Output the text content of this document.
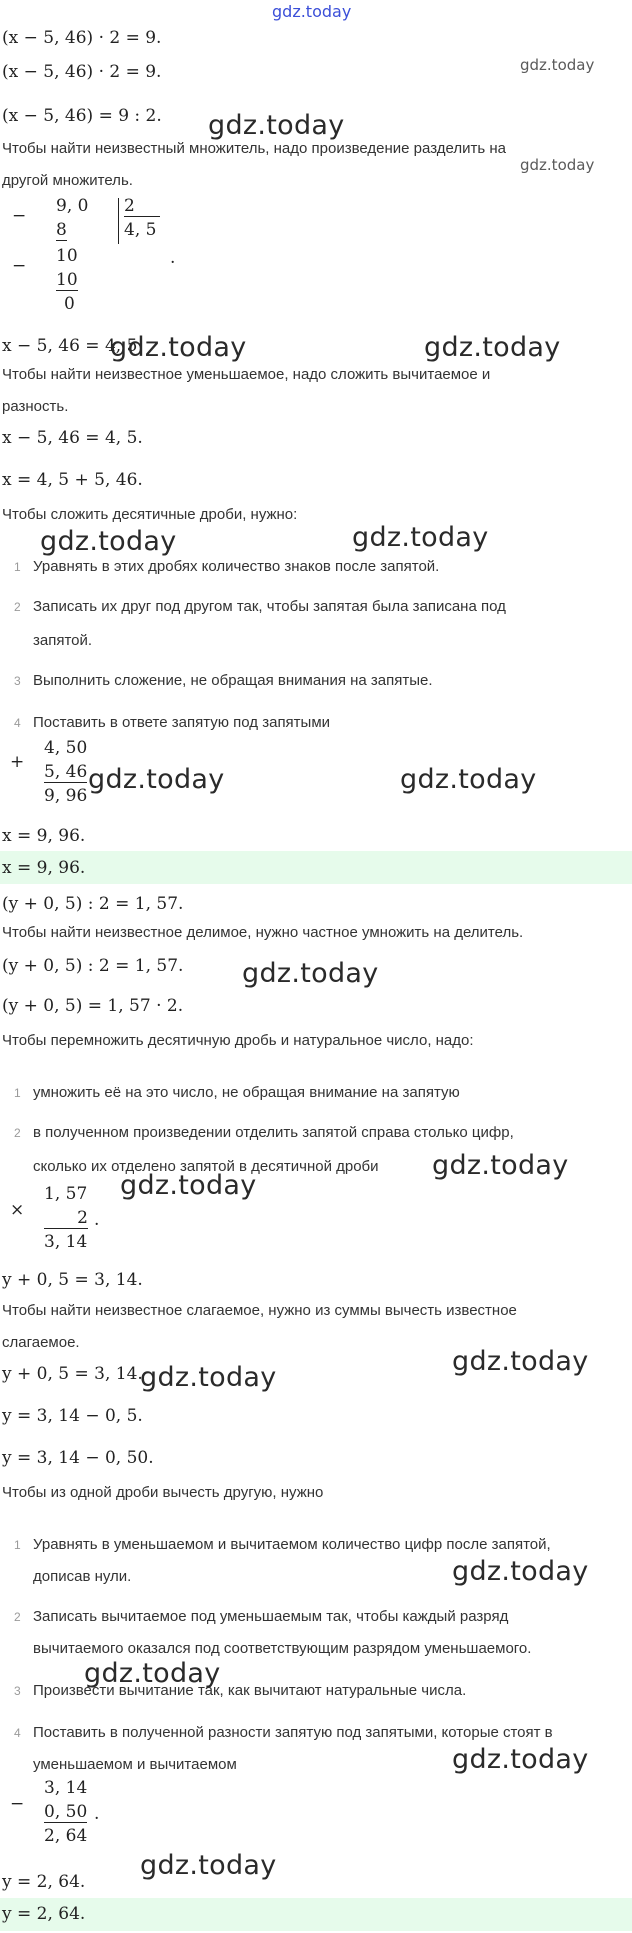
gdz.today
(x − 5, 46) · 2 = 9.
(x − 5, 46) · 2 = 9.	gdz.today
(x − 5, 46) = 9 : 2. gdz.today
Чтобы найти неизвестный множитель, надо произведение разделить на
gdz.today
другой множитель.
− 9, 0
8
2
4, 5
.
− 10
10
0
x − 5, 46 = 4, 5
gdz.today	gdz.today
Чтобы найти неизвестное уменьшаемое, надо сложить вычитаемое и
разность.
x − 5, 46 = 4, 5.
x = 4, 5 + 5, 46.
Чтобы сложить десятичные дроби, нужно:
gdz.today	gdz.today
1 Уравнять в этих дробях количество знаков после запятой.
2 Записать их друг под другом так, чтобы запятая была записана под
запятой.
3 Выполнить сложение, не обращая внимания на запятые.
4 Поставить в ответе запятую под запятыми
+
4, 50
5, 46
9, 96
gdz.today	gdz.today
x = 9, 96.
x = 9, 96.
(y + 0, 5) : 2 = 1, 57.
Чтобы найти неизвестное делимое, нужно частное умножить на делитель.
(y + 0, 5) : 2 = 1, 57. gdz.today
(y + 0, 5) = 1, 57 · 2.
Чтобы перемножить десятичную дробь и натуральное число, надо:
1 умножить её на это число, не обращая внимание на запятую
2 в полученном произведении отделить запятой справа столько цифр,
сколько их отделено запятой в десятичной дроби gdz.today
gdz.today
×
1, 57
2
3, 14
.
y + 0, 5 = 3, 14.
Чтобы найти неизвестное слагаемое, нужно из суммы вычесть известное
слагаемое.
gdz.today
y + 0, 5 = 3, 14.
gdz.today
y = 3, 14 − 0, 5.
y = 3, 14 − 0, 50.
Чтобы из одной дроби вычесть другую, нужно
1 Уравнять в уменьшаемом и вычитаемом количество цифр после запятой,
дописав нули.	gdz.today
2 Записать вычитаемое под уменьшаемым так, чтобы каждый разряд
вычитаемого оказался под соответствующим разрядом уменьшаемого.
gdz.today
3 Произвести вычитание так, как вычитают натуральные числа.
4 Поставить в полученной разности запятую под запятыми, которые стоят в
уменьшаемом и вычитаемом	gdz.today
−
3, 14
0, 50
2, 64
.
gdz.today
y = 2, 64.
y = 2, 64.
